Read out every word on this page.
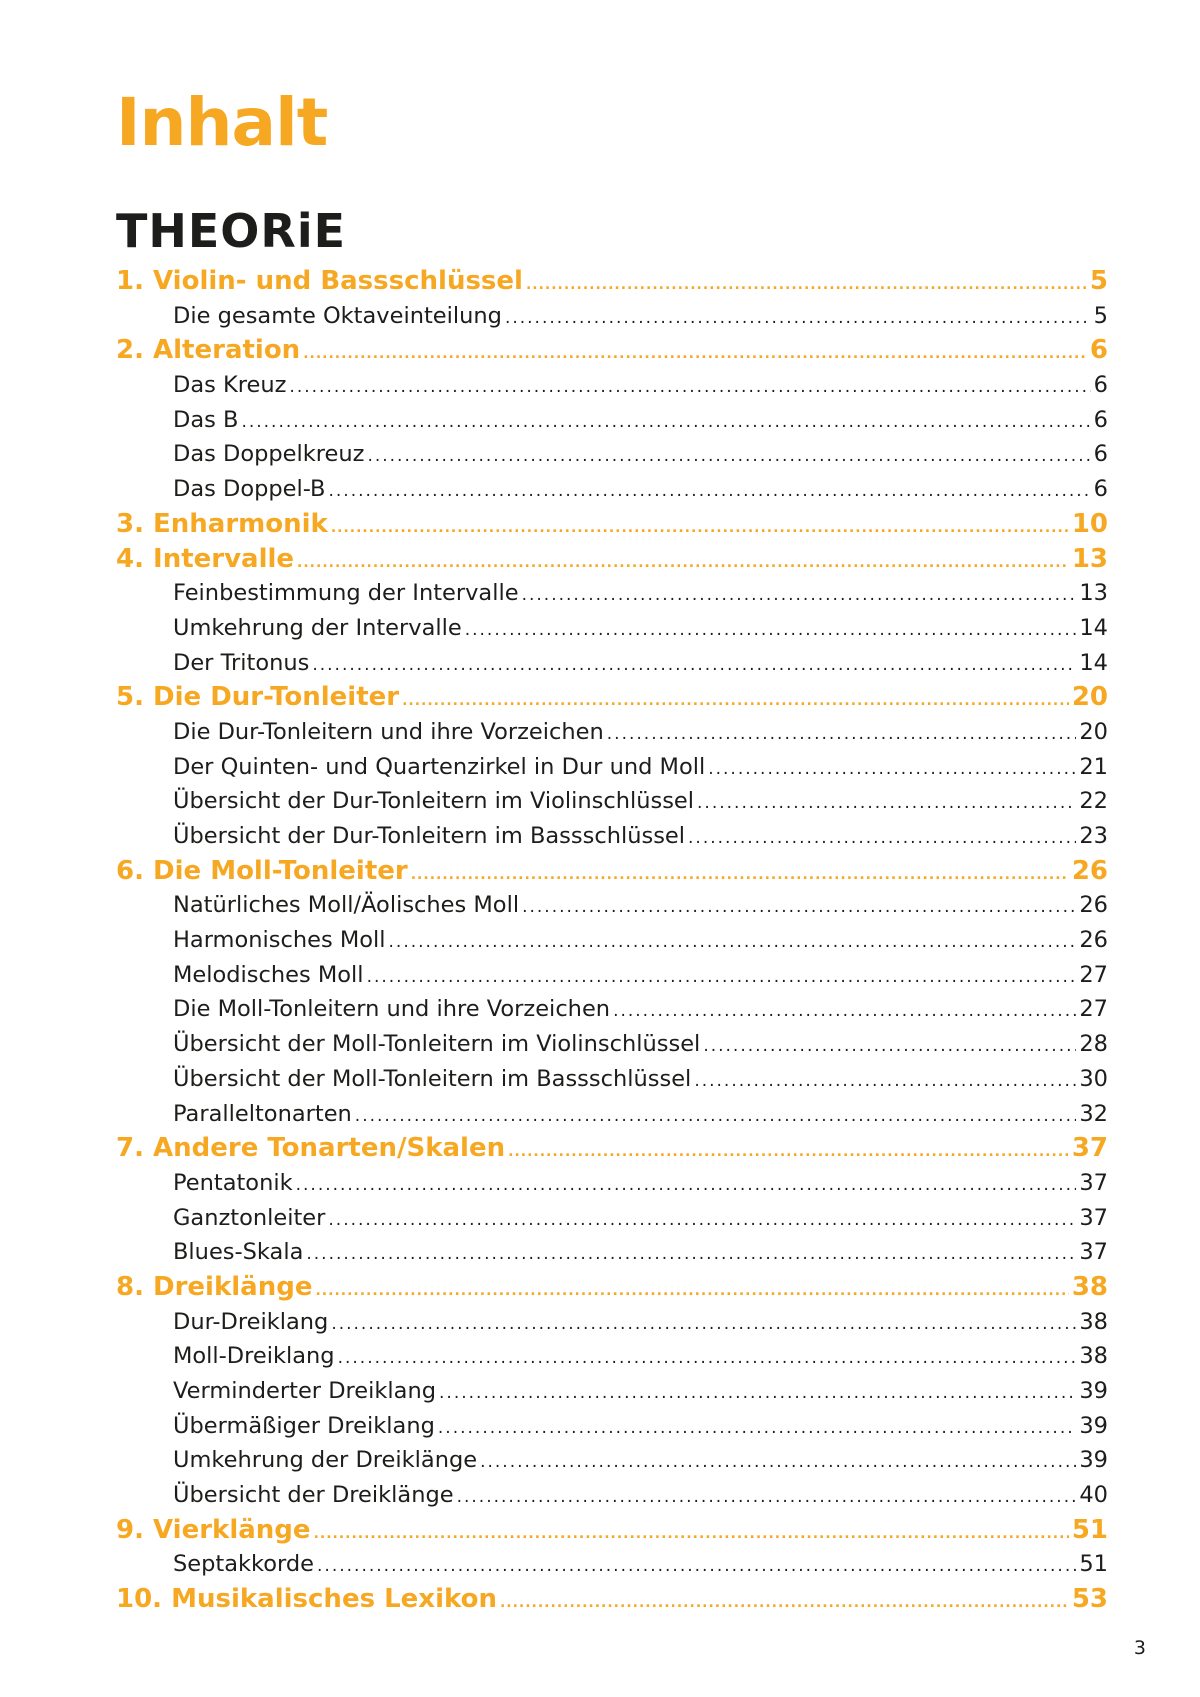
Inhalt
THEORiE
1. Violin- und Bassschlüssel .....	5
Die gesamte Oktaveinteilung .....	5
2. Alteration .....	6
Das Kreuz .....	6
Das B .....	6
Das Doppelkreuz .....	6
Das Doppel-B .....	6
3. Enharmonik .....	10
4. Intervalle .....	13
Feinbestimmung der Intervalle .....	13
Umkehrung der Intervalle .....	14
Der Tritonus .....	14
5. Die Dur-Tonleiter .....	20
Die Dur-Tonleitern und ihre Vorzeichen .....	20
Der Quinten- und Quartenzirkel in Dur und Moll .....	21
Übersicht der Dur-Tonleitern im Violinschlüssel .....	22
Übersicht der Dur-Tonleitern im Bassschlüssel .....	23
6. Die Moll-Tonleiter .....	26
Natürliches Moll/Äolisches Moll .....	26
Harmonisches Moll .....	26
Melodisches Moll .....	27
Die Moll-Tonleitern und ihre Vorzeichen .....	27
Übersicht der Moll-Tonleitern im Violinschlüssel .....	28
Übersicht der Moll-Tonleitern im Bassschlüssel .....	30
Paralleltonarten .....	32
7. Andere Tonarten/Skalen .....	37
Pentatonik .....	37
Ganztonleiter .....	37
Blues-Skala .....	37
8. Dreiklänge .....	38
Dur-Dreiklang .....	38
Moll-Dreiklang .....	38
Verminderter Dreiklang .....	39
Übermäßiger Dreiklang .....	39
Umkehrung der Dreiklänge .....	39
Übersicht der Dreiklänge .....	40
9. Vierklänge .....	51
Septakkorde .....	51
10. Musikalisches Lexikon .....	53
3
